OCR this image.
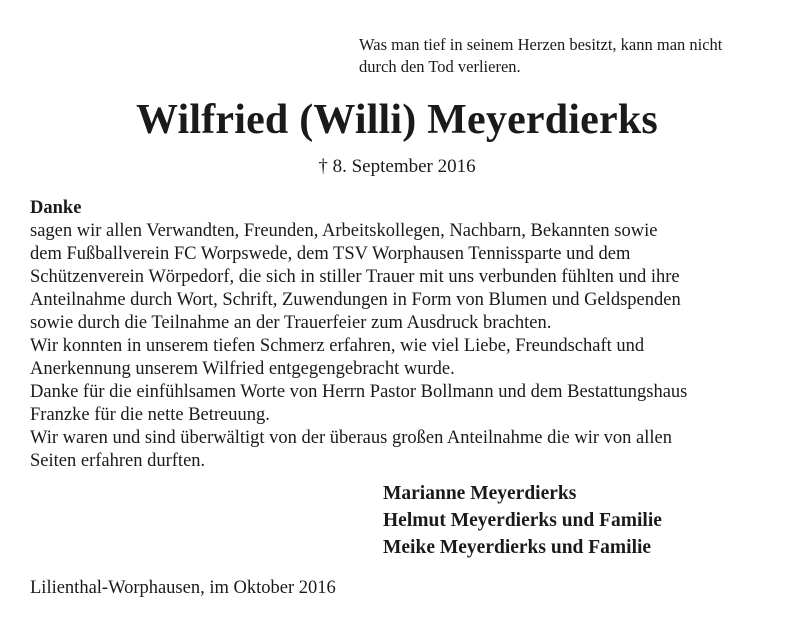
Was man tief in seinem Herzen besitzt, kann man nicht
durch den Tod verlieren.
Wilfried (Willi) Meyerdierks
† 8. September 2016
Danke
sagen wir allen Verwandten, Freunden, Arbeitskollegen, Nachbarn, Bekannten sowie
dem Fußballverein FC Worpswede, dem TSV Worphausen Tennissparte und dem
Schützenverein Wörpedorf, die sich in stiller Trauer mit uns verbunden fühlten und ihre
Anteilnahme durch Wort, Schrift, Zuwendungen in Form von Blumen und Geldspenden
sowie durch die Teilnahme an der Trauerfeier zum Ausdruck brachten.
Wir konnten in unserem tiefen Schmerz erfahren, wie viel Liebe, Freundschaft und
Anerkennung unserem Wilfried entgegengebracht wurde.
Danke für die einfühlsamen Worte von Herrn Pastor Bollmann und dem Bestattungshaus
Franzke für die nette Betreuung.
Wir waren und sind überwältigt von der überaus großen Anteilnahme die wir von allen
Seiten erfahren durften.
Marianne Meyerdierks
Helmut Meyerdierks und Familie
Meike Meyerdierks und Familie
Lilienthal-Worphausen, im Oktober 2016
